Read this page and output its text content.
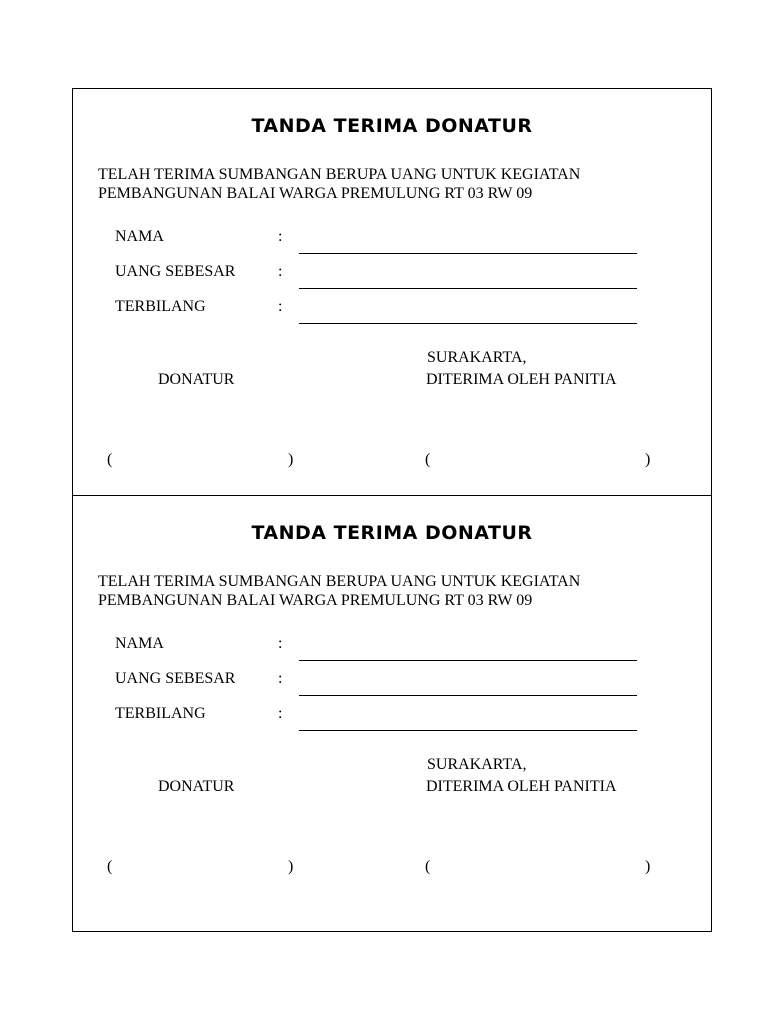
TANDA TERIMA DONATUR
TELAH TERIMA SUMBANGAN BERUPA UANG UNTUK KEGIATAN
PEMBANGUNAN BALAI WARGA PREMULUNG RT 03 RW 09
NAMA	:
UANG SEBESAR	:
TERBILANG	:
SURAKARTA,
DONATUR	DITERIMA OLEH PANITIA
(	)	(	)
TANDA TERIMA DONATUR
TELAH TERIMA SUMBANGAN BERUPA UANG UNTUK KEGIATAN
PEMBANGUNAN BALAI WARGA PREMULUNG RT 03 RW 09
NAMA	:
UANG SEBESAR	:
TERBILANG	:
SURAKARTA,
DONATUR	DITERIMA OLEH PANITIA
(	)	(	)
